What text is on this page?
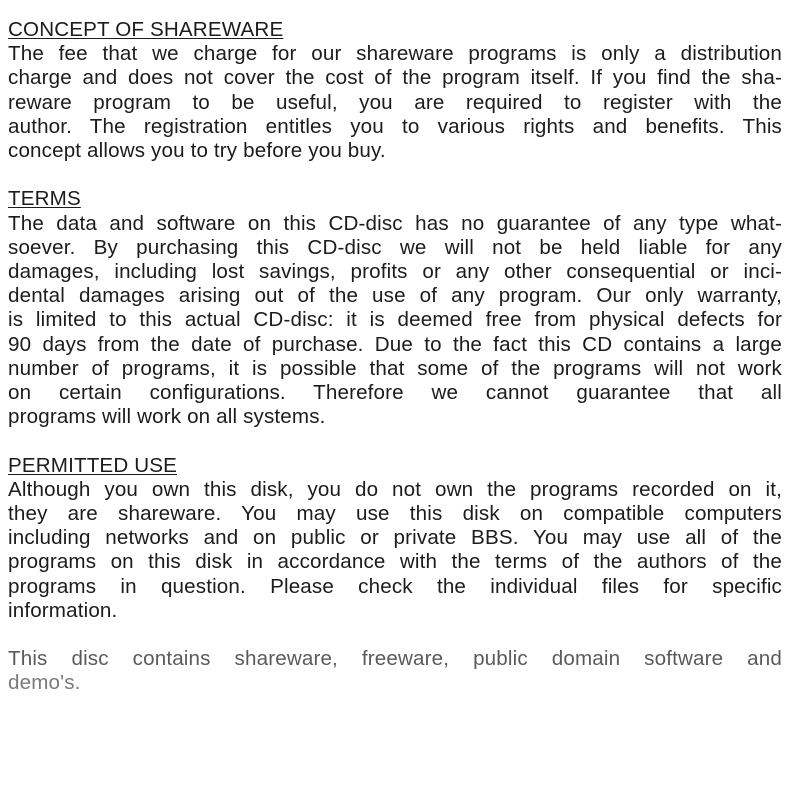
CONCEPT OF SHAREWARE
The fee that we charge for our shareware programs is only a distribution
charge and does not cover the cost of the program itself. If you find the sha-
reware program to be useful, you are required to register with the
author. The registration entitles you to various rights and benefits. This
concept allows you to try before you buy.
TERMS
The data and software on this CD-disc has no guarantee of any type what-
soever. By purchasing this CD-disc we will not be held liable for any
damages, including lost savings, profits or any other consequential or inci-
dental damages arising out of the use of any program. Our only warranty,
is limited to this actual CD-disc: it is deemed free from physical defects for
90 days from the date of purchase. Due to the fact this CD contains a large
number of programs, it is possible that some of the programs will not work
on certain configurations. Therefore we cannot guarantee that all
programs will work on all systems.
PERMITTED USE
Although you own this disk, you do not own the programs recorded on it,
they are shareware. You may use this disk on compatible computers
including networks and on public or private BBS. You may use all of the
programs on this disk in accordance with the terms of the authors of the
programs in question. Please check the individual files for specific
information.
This disc contains shareware, freeware, public domain software and
demo's.
